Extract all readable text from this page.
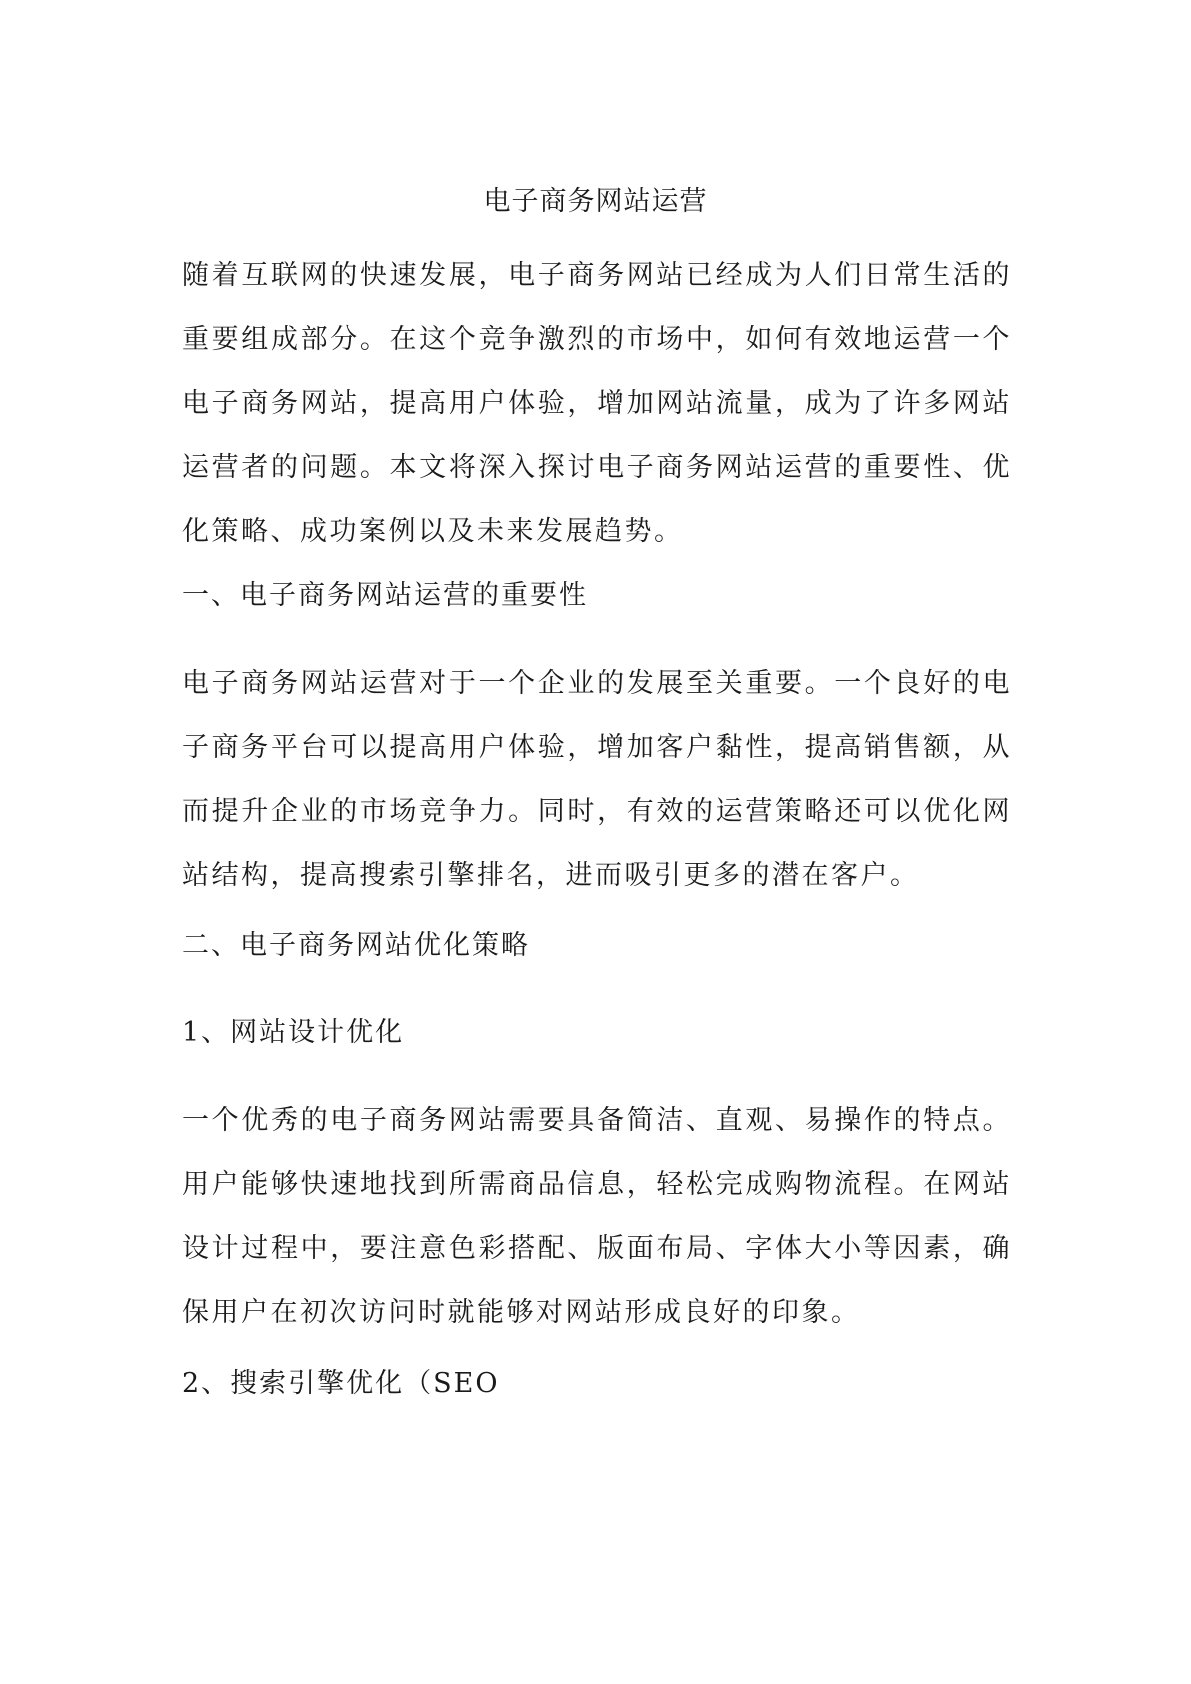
电子商务网站运营

随着互联网的快速发展，电子商务网站已经成为人们日常生活的重要组成部分。在这个竞争激烈的市场中，如何有效地运营一个电子商务网站，提高用户体验，增加网站流量，成为了许多网站运营者的问题。本文将深入探讨电子商务网站运营的重要性、优化策略、成功案例以及未来发展趋势。

一、电子商务网站运营的重要性

电子商务网站运营对于一个企业的发展至关重要。一个良好的电子商务平台可以提高用户体验，增加客户黏性，提高销售额，从而提升企业的市场竞争力。同时，有效的运营策略还可以优化网站结构，提高搜索引擎排名，进而吸引更多的潜在客户。

二、电子商务网站优化策略

1、网站设计优化

一个优秀的电子商务网站需要具备简洁、直观、易操作的特点。用户能够快速地找到所需商品信息，轻松完成购物流程。在网站设计过程中，要注意色彩搭配、版面布局、字体大小等因素，确保用户在初次访问时就能够对网站形成良好的印象。

2、搜索引擎优化（SEO
